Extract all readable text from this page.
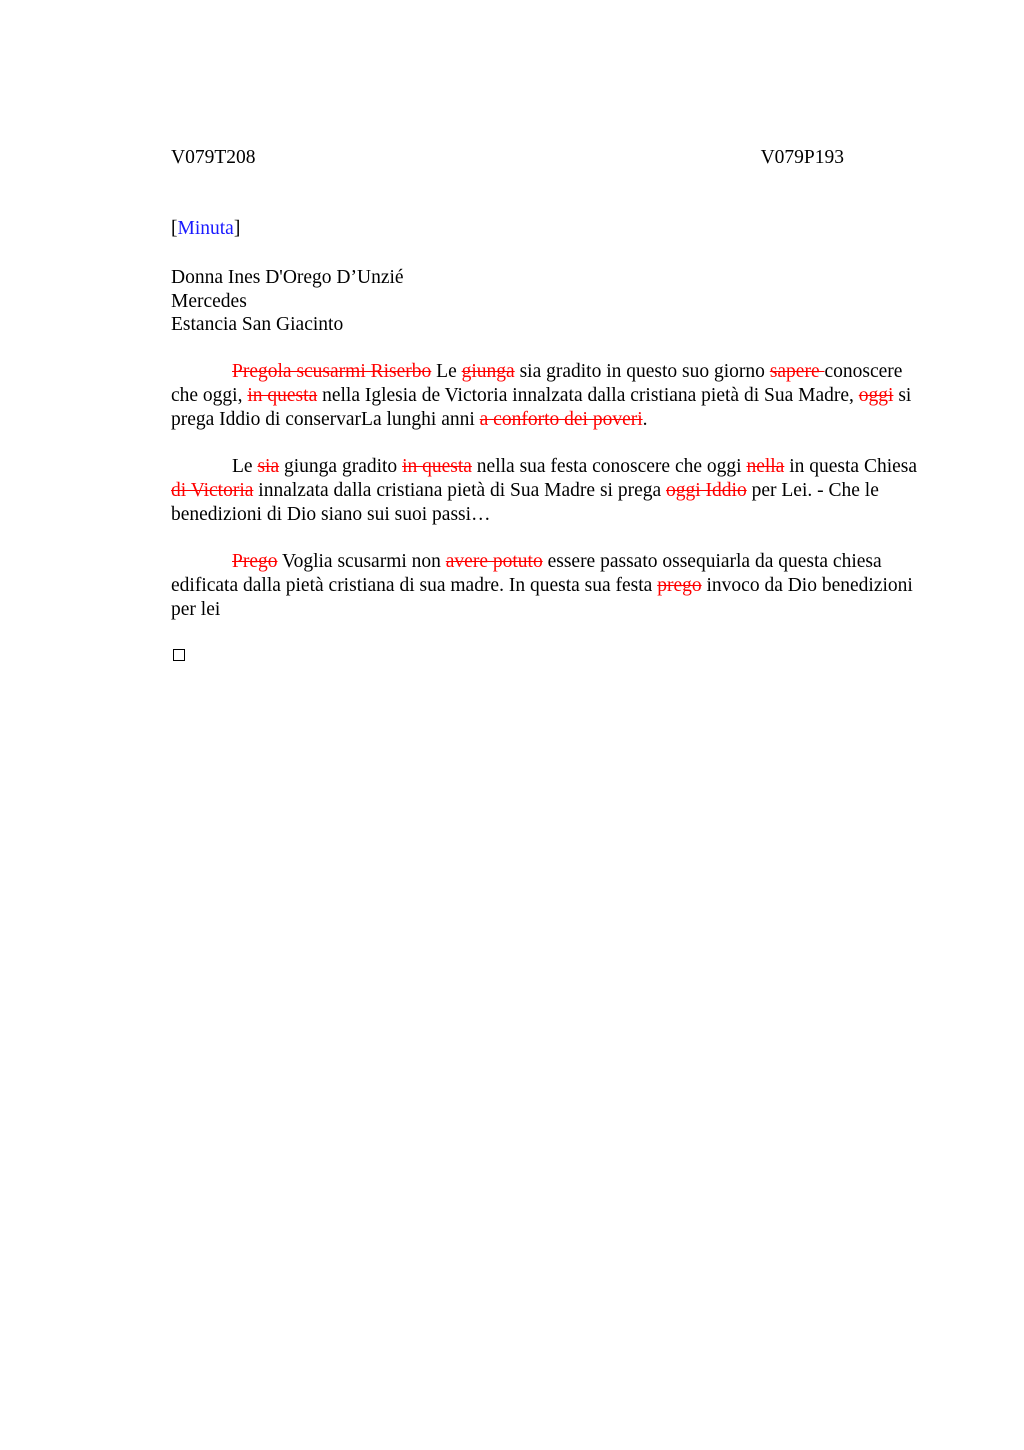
V079T208	V079P193
[Minuta]
Donna Ines D'Orego D’Unzié
Mercedes
Estancia San Giacinto

Pregola scusarmi Riserbo Le giunga sia gradito in questo suo giorno sapere conoscere che oggi, in questa nella Iglesia de Victoria innalzata dalla cristiana pietà di Sua Madre, oggi si prega Iddio di conservarLa lunghi anni a conforto dei poveri.

Le sia giunga gradito in questa nella sua festa conoscere che oggi nella in questa Chiesa di Victoria innalzata dalla cristiana pietà di Sua Madre si prega oggi Iddio per Lei. - Che le benedizioni di Dio siano sui suoi passi…

Prego Voglia scusarmi non avere potuto essere passato ossequiarla da questa chiesa edificata dalla pietà cristiana di sua madre. In questa sua festa prego invoco da Dio benedizioni per lei
